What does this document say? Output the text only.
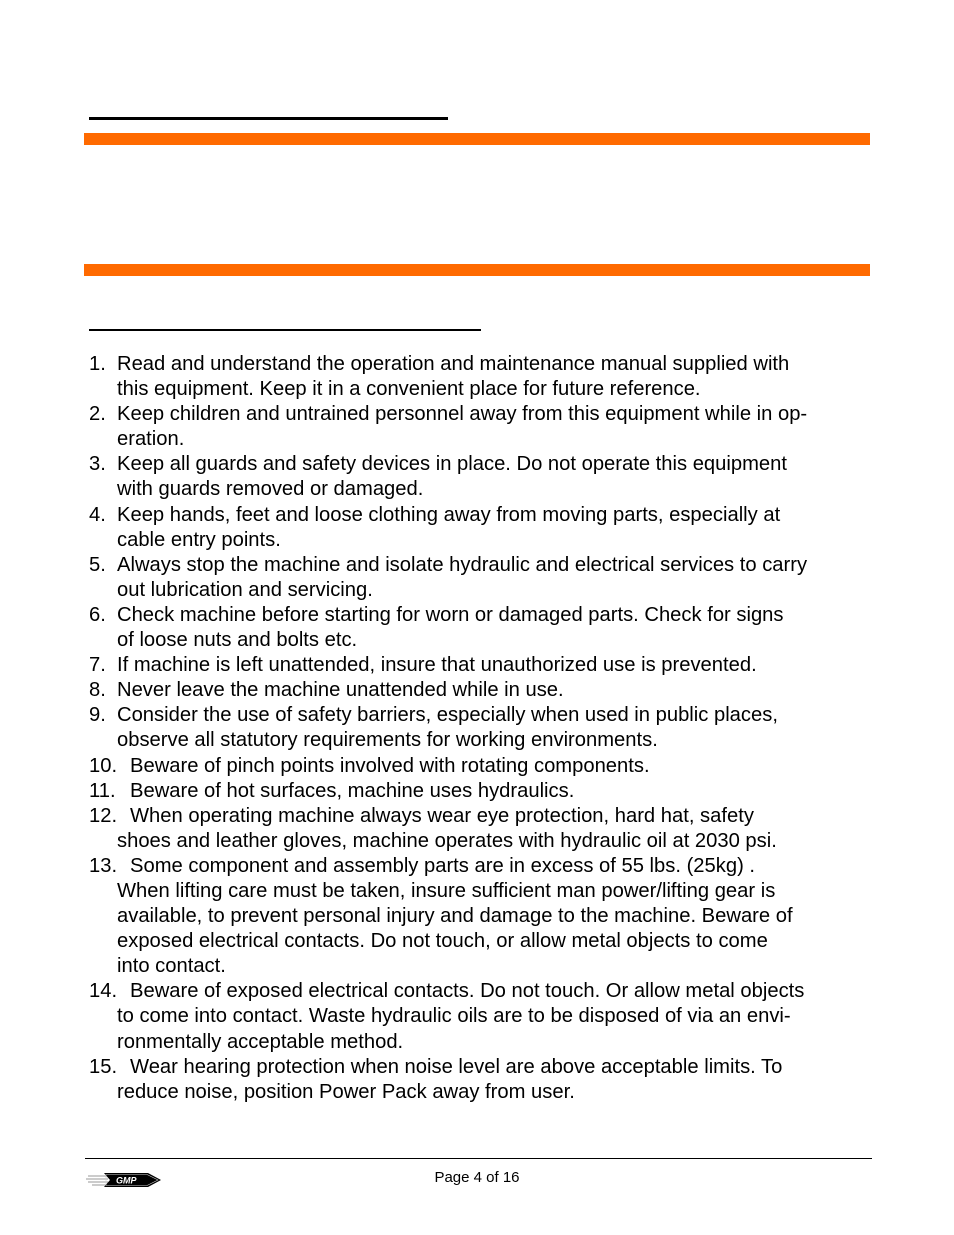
1. Read and understand the operation and maintenance manual supplied with
this equipment. Keep it in a convenient place for future reference.
2. Keep children and untrained personnel away from this equipment while in op-
eration.
3. Keep all guards and safety devices in place. Do not operate this equipment
with guards removed or damaged.
4. Keep hands, feet and loose clothing away from moving parts, especially at
cable entry points.
5. Always stop the machine and isolate hydraulic and electrical services to carry
out lubrication and servicing.
6. Check machine before starting for worn or damaged parts. Check for signs
of loose nuts and bolts etc.
7. If machine is left unattended, insure that unauthorized use is prevented.
8. Never leave the machine unattended while in use.
9. Consider the use of safety barriers, especially when used in public places,
observe all statutory requirements for working environments.
10. Beware of pinch points involved with rotating components.
11. Beware of hot surfaces, machine uses hydraulics.
12. When operating machine always wear eye protection, hard hat, safety
shoes and leather gloves, machine operates with hydraulic oil at 2030 psi.
13. Some component and assembly parts are in excess of 55 lbs. (25kg) .
When lifting care must be taken, insure sufficient man power/lifting gear is
available, to prevent personal injury and damage to the machine. Beware of
exposed electrical contacts. Do not touch, or allow metal objects to come
into contact.
14. Beware of exposed electrical contacts. Do not touch. Or allow metal objects
to come into contact. Waste hydraulic oils are to be disposed of via an envi-
ronmentally acceptable method.
15. Wear hearing protection when noise level are above acceptable limits. To
reduce noise, position Power Pack away from user.
GMP	Page 4 of 16
